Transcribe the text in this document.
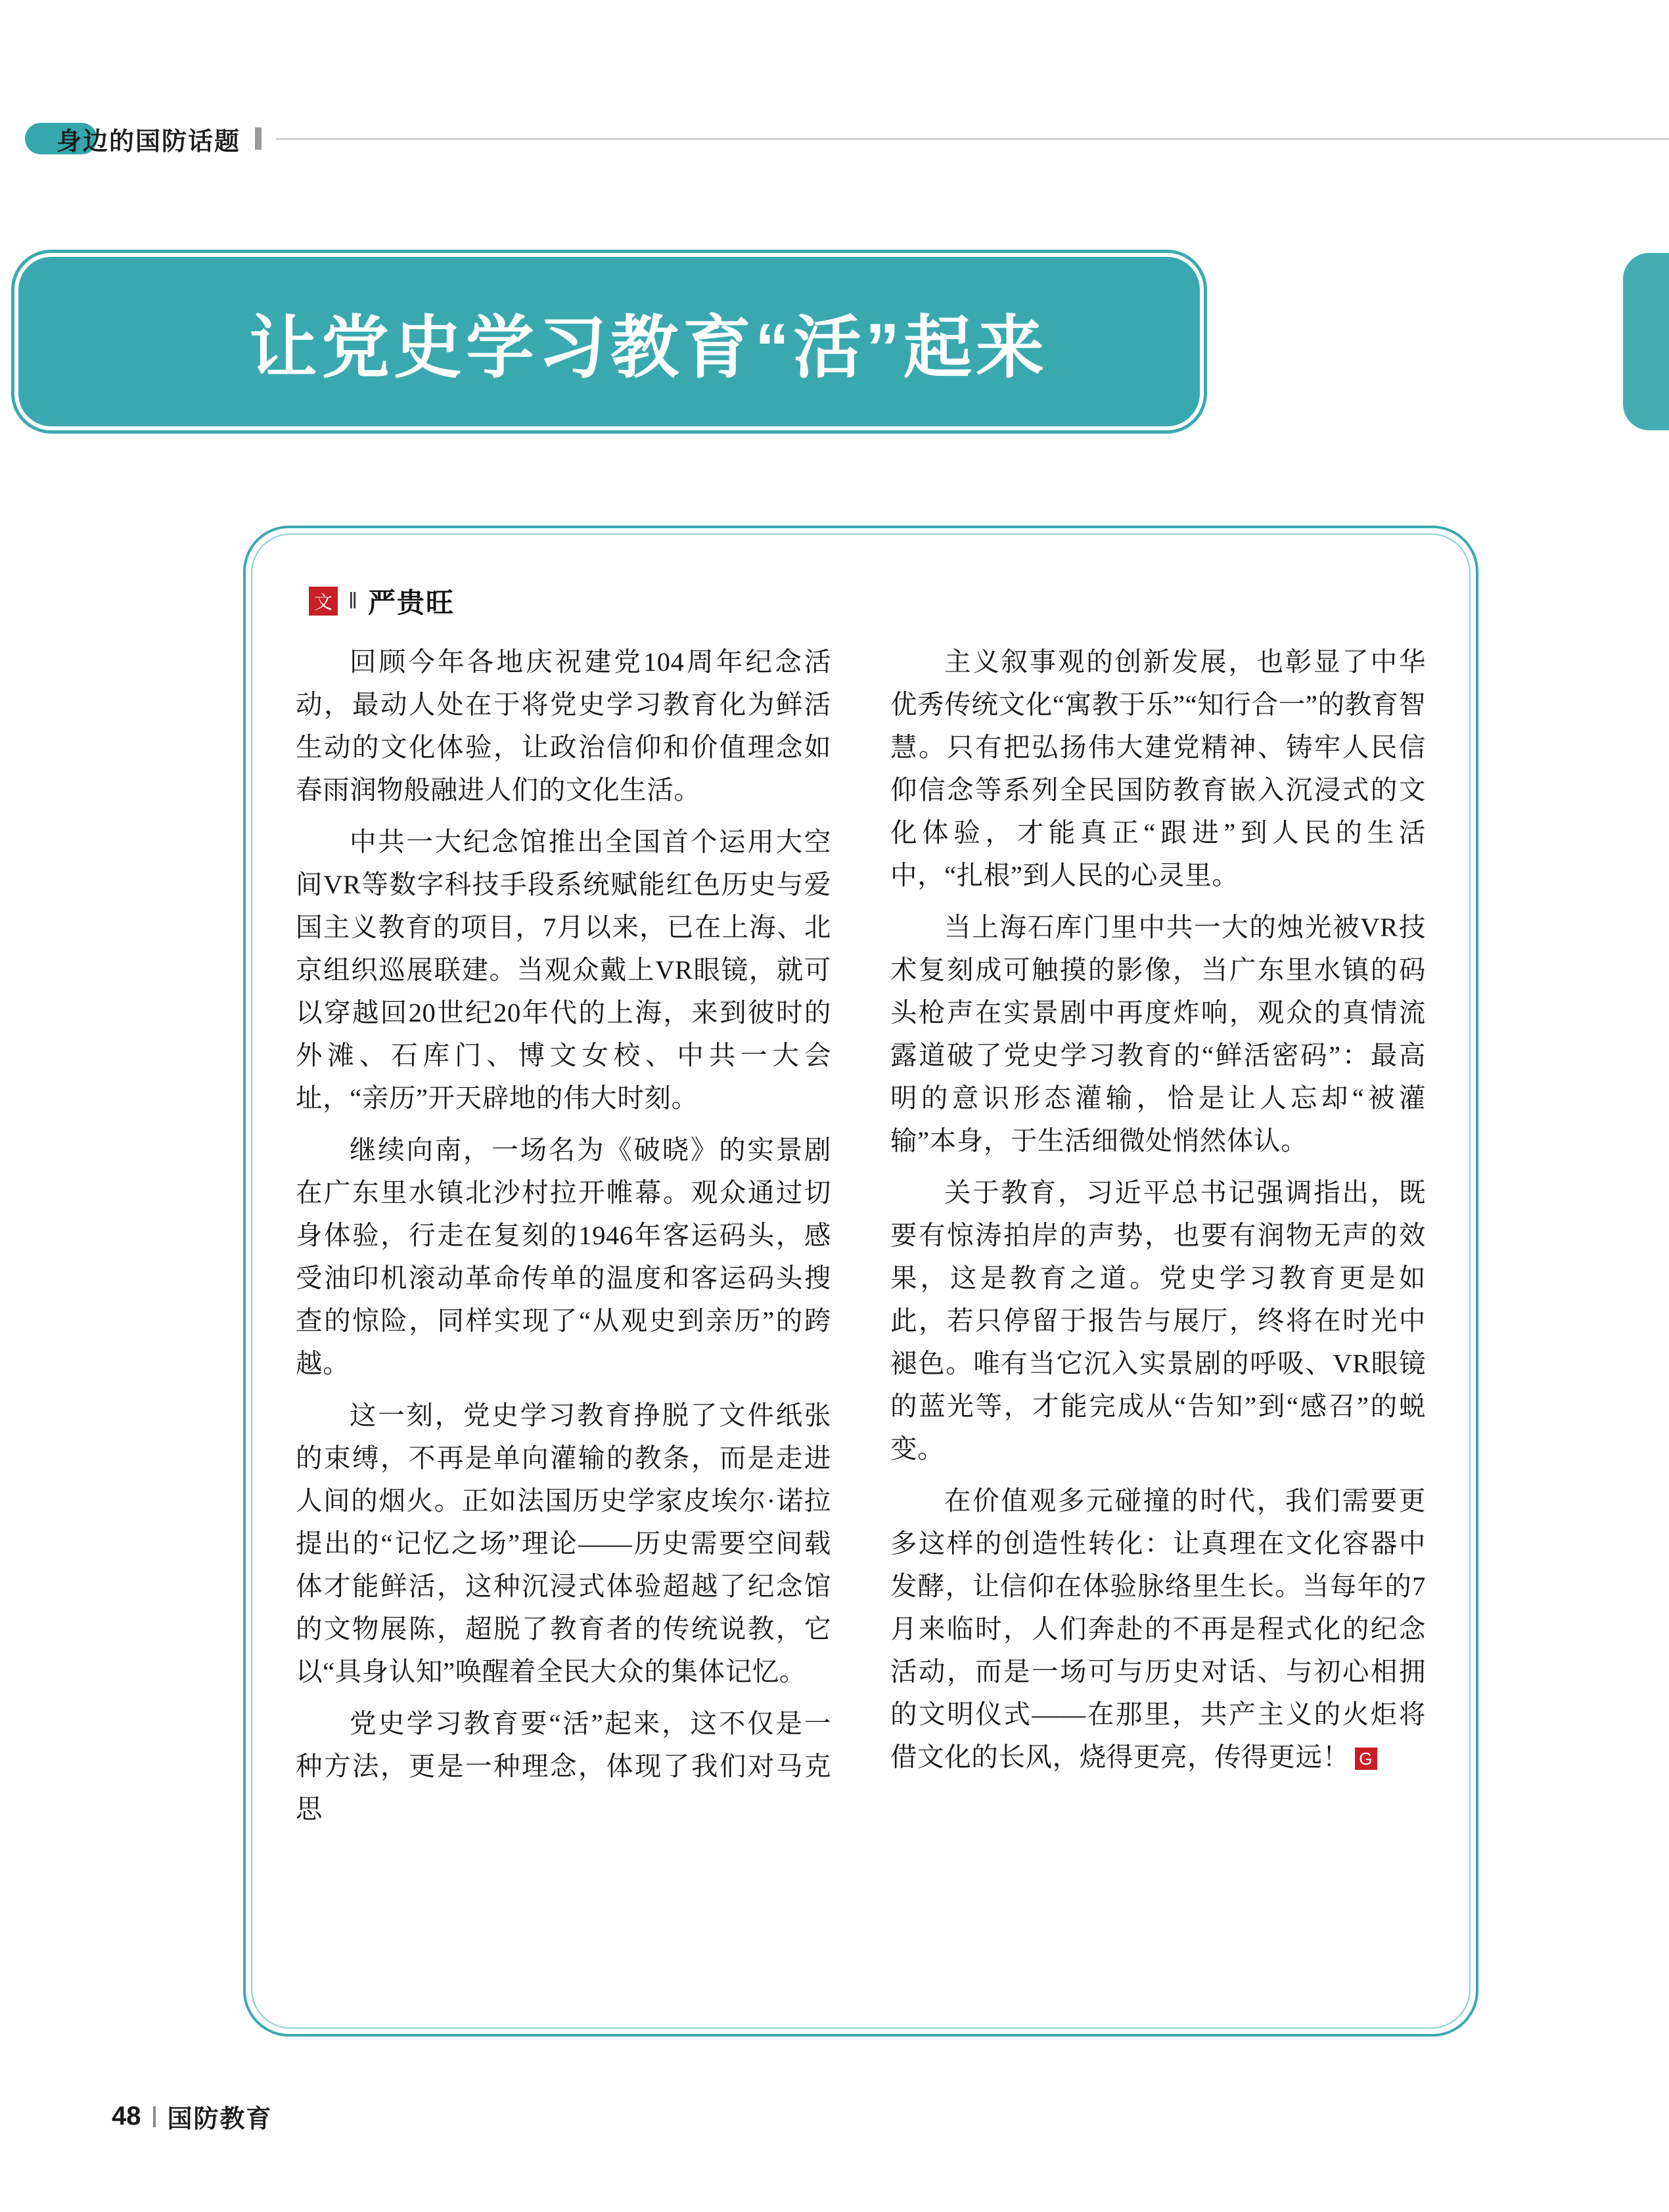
身边的国防话题
让党史学习教育“活”起来
文 ‖ 严贵旺

回顾今年各地庆祝建党104周年纪念活动，最动人处在于将党史学习教育化为鲜活生动的文化体验，让政治信仰和价值理念如春雨润物般融进人们的文化生活。

中共一大纪念馆推出全国首个运用大空间VR等数字科技手段系统赋能红色历史与爱国主义教育的项目，7月以来，已在上海、北京组织巡展联建。当观众戴上VR眼镜，就可以穿越回20世纪20年代的上海，来到彼时的外滩、石库门、博文女校、中共一大会址，“亲历”开天辟地的伟大时刻。

继续向南，一场名为《破晓》的实景剧在广东里水镇北沙村拉开帷幕。观众通过切身体验，行走在复刻的1946年客运码头，感受油印机滚动革命传单的温度和客运码头搜查的惊险，同样实现了“从观史到亲历”的跨越。

这一刻，党史学习教育挣脱了文件纸张的束缚，不再是单向灌输的教条，而是走进人间的烟火。正如法国历史学家皮埃尔·诺拉提出的“记忆之场”理论——历史需要空间载体才能鲜活，这种沉浸式体验超越了纪念馆的文物展陈，超脱了教育者的传统说教，它以“具身认知”唤醒着全民大众的集体记忆。

党史学习教育要“活”起来，这不仅是一种方法，更是一种理念，体现了我们对马克思

主义叙事观的创新发展，也彰显了中华优秀传统文化“寓教于乐”“知行合一”的教育智慧。只有把弘扬伟大建党精神、铸牢人民信仰信念等系列全民国防教育嵌入沉浸式的文化体验，才能真正“跟进”到人民的生活中，“扎根”到人民的心灵里。

当上海石库门里中共一大的烛光被VR技术复刻成可触摸的影像，当广东里水镇的码头枪声在实景剧中再度炸响，观众的真情流露道破了党史学习教育的“鲜活密码”：最高明的意识形态灌输，恰是让人忘却“被灌输”本身，于生活细微处悄然体认。

关于教育，习近平总书记强调指出，既要有惊涛拍岸的声势，也要有润物无声的效果，这是教育之道。党史学习教育更是如此，若只停留于报告与展厅，终将在时光中褪色。唯有当它沉入实景剧的呼吸、VR眼镜的蓝光等，才能完成从“告知”到“感召”的蜕变。

在价值观多元碰撞的时代，我们需要更多这样的创造性转化：让真理在文化容器中发酵，让信仰在体验脉络里生长。当每年的7月来临时，人们奔赴的不再是程式化的纪念活动，而是一场可与历史对话、与初心相拥的文明仪式——在那里，共产主义的火炬将借文化的长风，烧得更亮，传得更远！ G

48 国防教育
